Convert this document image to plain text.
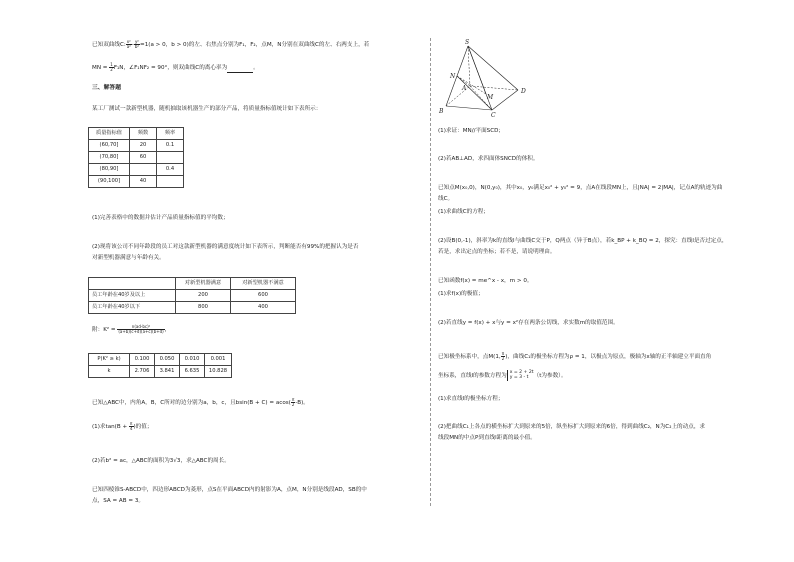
已知双曲线C: $\frac{\text{x²}}{\text{a²}} - \frac{\text{y²}}{\text{b²}} =1(a > 0$，b > 0)的左、右焦点分别为F₁，F₂，点M，N分别在双曲线C的左、右两支上，若
MN = $\frac{1}{2} F_1N$，∠F₁NF₂ = 90°，则双曲线C的离心率为	。
三、解答题
某工厂测试一款新型机器，随机抽取该机器生产的部分产品，将质量指标值统计如下表所示：
质量指标值	频数	频率
(60,70]	20	0.1
(70,80]	60	
(80,90]		0.4
(90,100]	40	
(1)完善表格中的数据并估计产品质量指标值的平均数；
(2)现将该公司不同年龄段的员工对这款新型机器的满意度统计如下表所示，判断能否有99%的把握认为是否
对新型机器满意与年龄有关。
	对新型机器满意	对新型机器不满意
员工年龄在40岁及以上	200	600
员工年龄在40岁以下	800	400
附：$K^2 = \frac{\text{n(ad-bc)²}}{(a+b)(c+d)(a+c)(b+d)}$ ，
P(K² ≥ k)	0.100	0.050	0.010	0.001
k	2.706	3.841	6.635	10.828
已知△ABC中，内角A，B，C所对的边分别为a，b，c，且$bsin(B + C) = acos( \frac{\pi}{2} -B)$。
(1)求$\tan(B + \frac{\pi}{4}$ )的值；
(2)若b² = ac，△ABC的面积为3√3，求△ABC的周长。
已知四棱锥S-ABCD中，四边形ABCD为菱形，点S在平面ABCD内的射影为A，点M，N分别是线段AD，SB的中
点，SA = AB = 3。
S
N
A
M
D
B
C
(1)求证：MN//平面SCD；
(2)若AB⊥AD，求四面体SNCD的体积。
已知点M(x₀,0)，N(0,y₀)，其中x₀，y₀满足x₀² + y₀² = 9，点A在线段MN上，且|NA| = 2|MA|，记点A的轨迹为曲
线C。
(1)求曲线C的方程；
(2)设B(0,-1)，斜率为k的直线l与曲线C交于P，Q两点（异于B点），若k_BP + k_BQ = 2，探究：直线l是否过定点，
若是，求出定点的坐标；若不是，请说明理由。
已知函数f(x) = me^x - x，m > 0。
(1)求f(x)的极值；
(2)若直线y = f(x) + x与y = x²存在两条公切线，求实数m的取值范围。
已知极坐标系中，点M(1, $\frac{\pi}{2}$ )，曲线C₁的极坐标方程为ρ = 1，以极点为原点，极轴为x轴的正半轴建立平面直角
坐标系，直线l的参数方程为
x = 2 + 2t
y = 3 - t （t为参数）。
(1)求直线l的极坐标方程；
(2)把曲线C₁上各点的横坐标扩大到原来的5倍，纵坐标扩大到原来的6倍，得到曲线C₂，N为C₂上的动点，求
线段MN的中点P到直线l距离的最小值。
